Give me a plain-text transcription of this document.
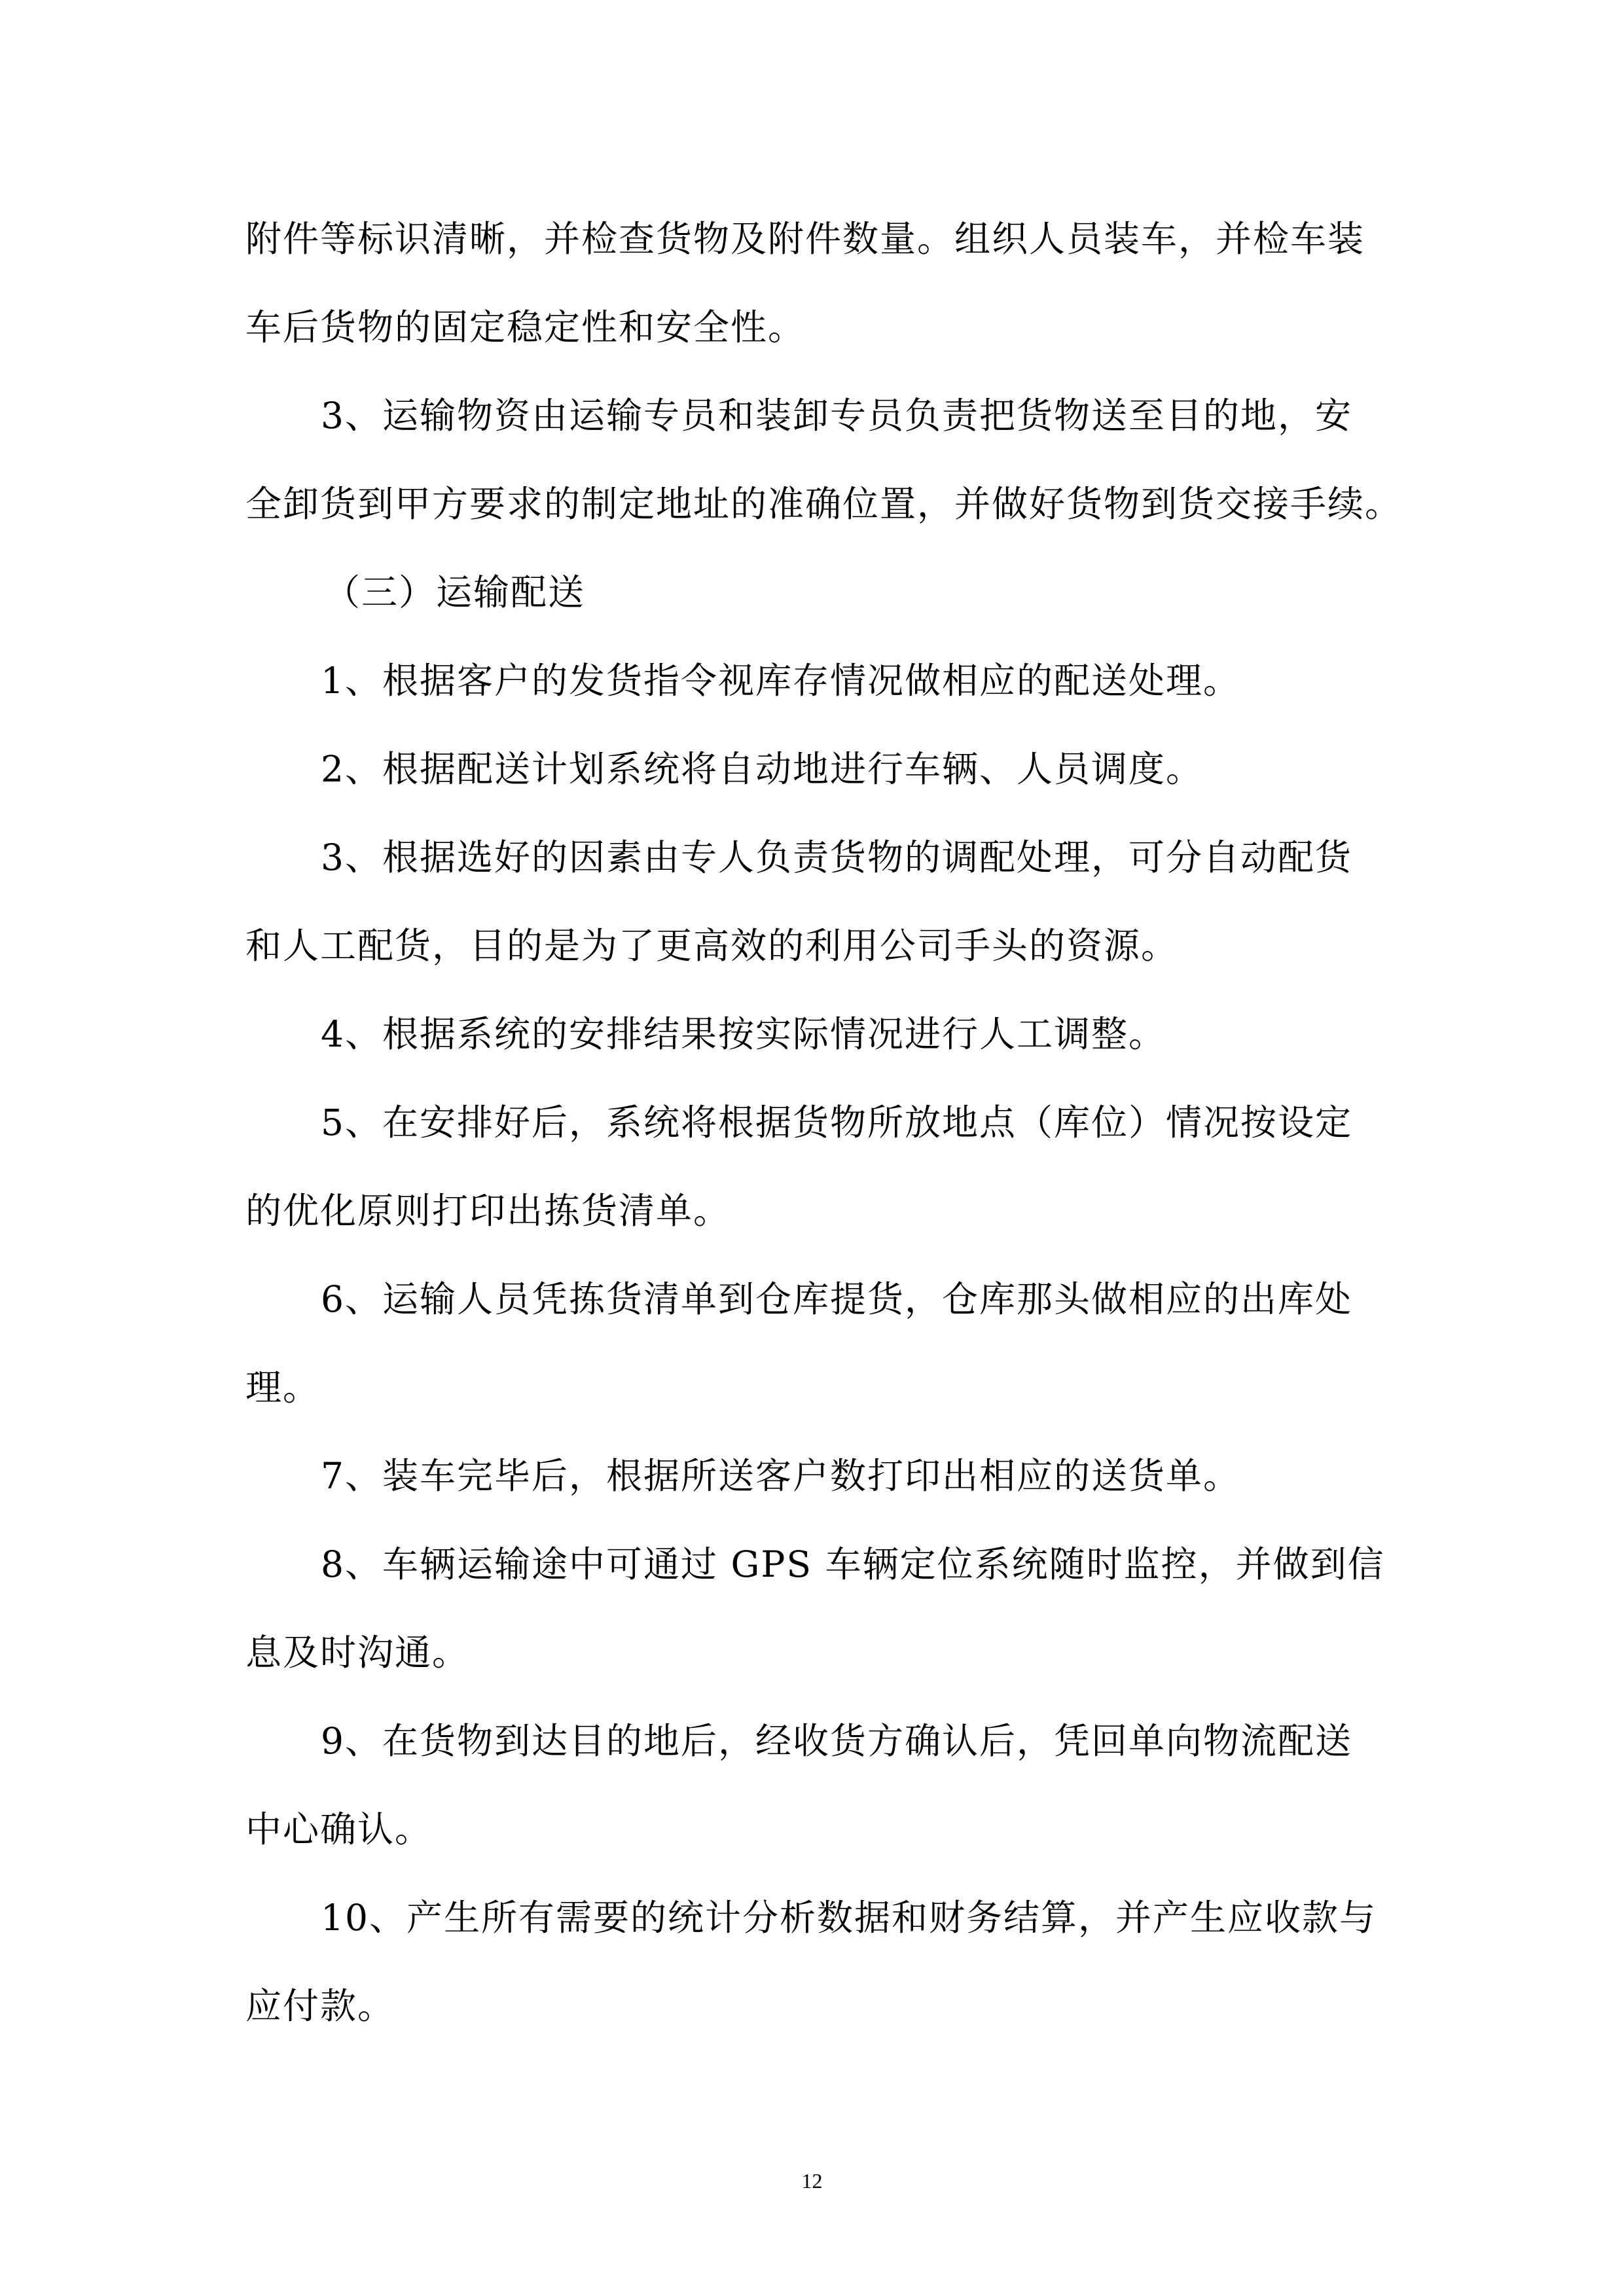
附件等标识清晰，并检查货物及附件数量。组织人员装车，并检车装
车后货物的固定稳定性和安全性。
3、运输物资由运输专员和装卸专员负责把货物送至目的地，安
全卸货到甲方要求的制定地址的准确位置，并做好货物到货交接手续。
（三）运输配送
1、根据客户的发货指令视库存情况做相应的配送处理。
2、根据配送计划系统将自动地进行车辆、人员调度。
3、根据选好的因素由专人负责货物的调配处理，可分自动配货
和人工配货，目的是为了更高效的利用公司手头的资源。
4、根据系统的安排结果按实际情况进行人工调整。
5、在安排好后，系统将根据货物所放地点（库位）情况按设定
的优化原则打印出拣货清单。
6、运输人员凭拣货清单到仓库提货，仓库那头做相应的出库处
理。
7、装车完毕后，根据所送客户数打印出相应的送货单。
8、车辆运输途中可通过 GPS 车辆定位系统随时监控，并做到信
息及时沟通。
9、在货物到达目的地后，经收货方确认后，凭回单向物流配送
中心确认。
10、产生所有需要的统计分析数据和财务结算，并产生应收款与
应付款。
12
